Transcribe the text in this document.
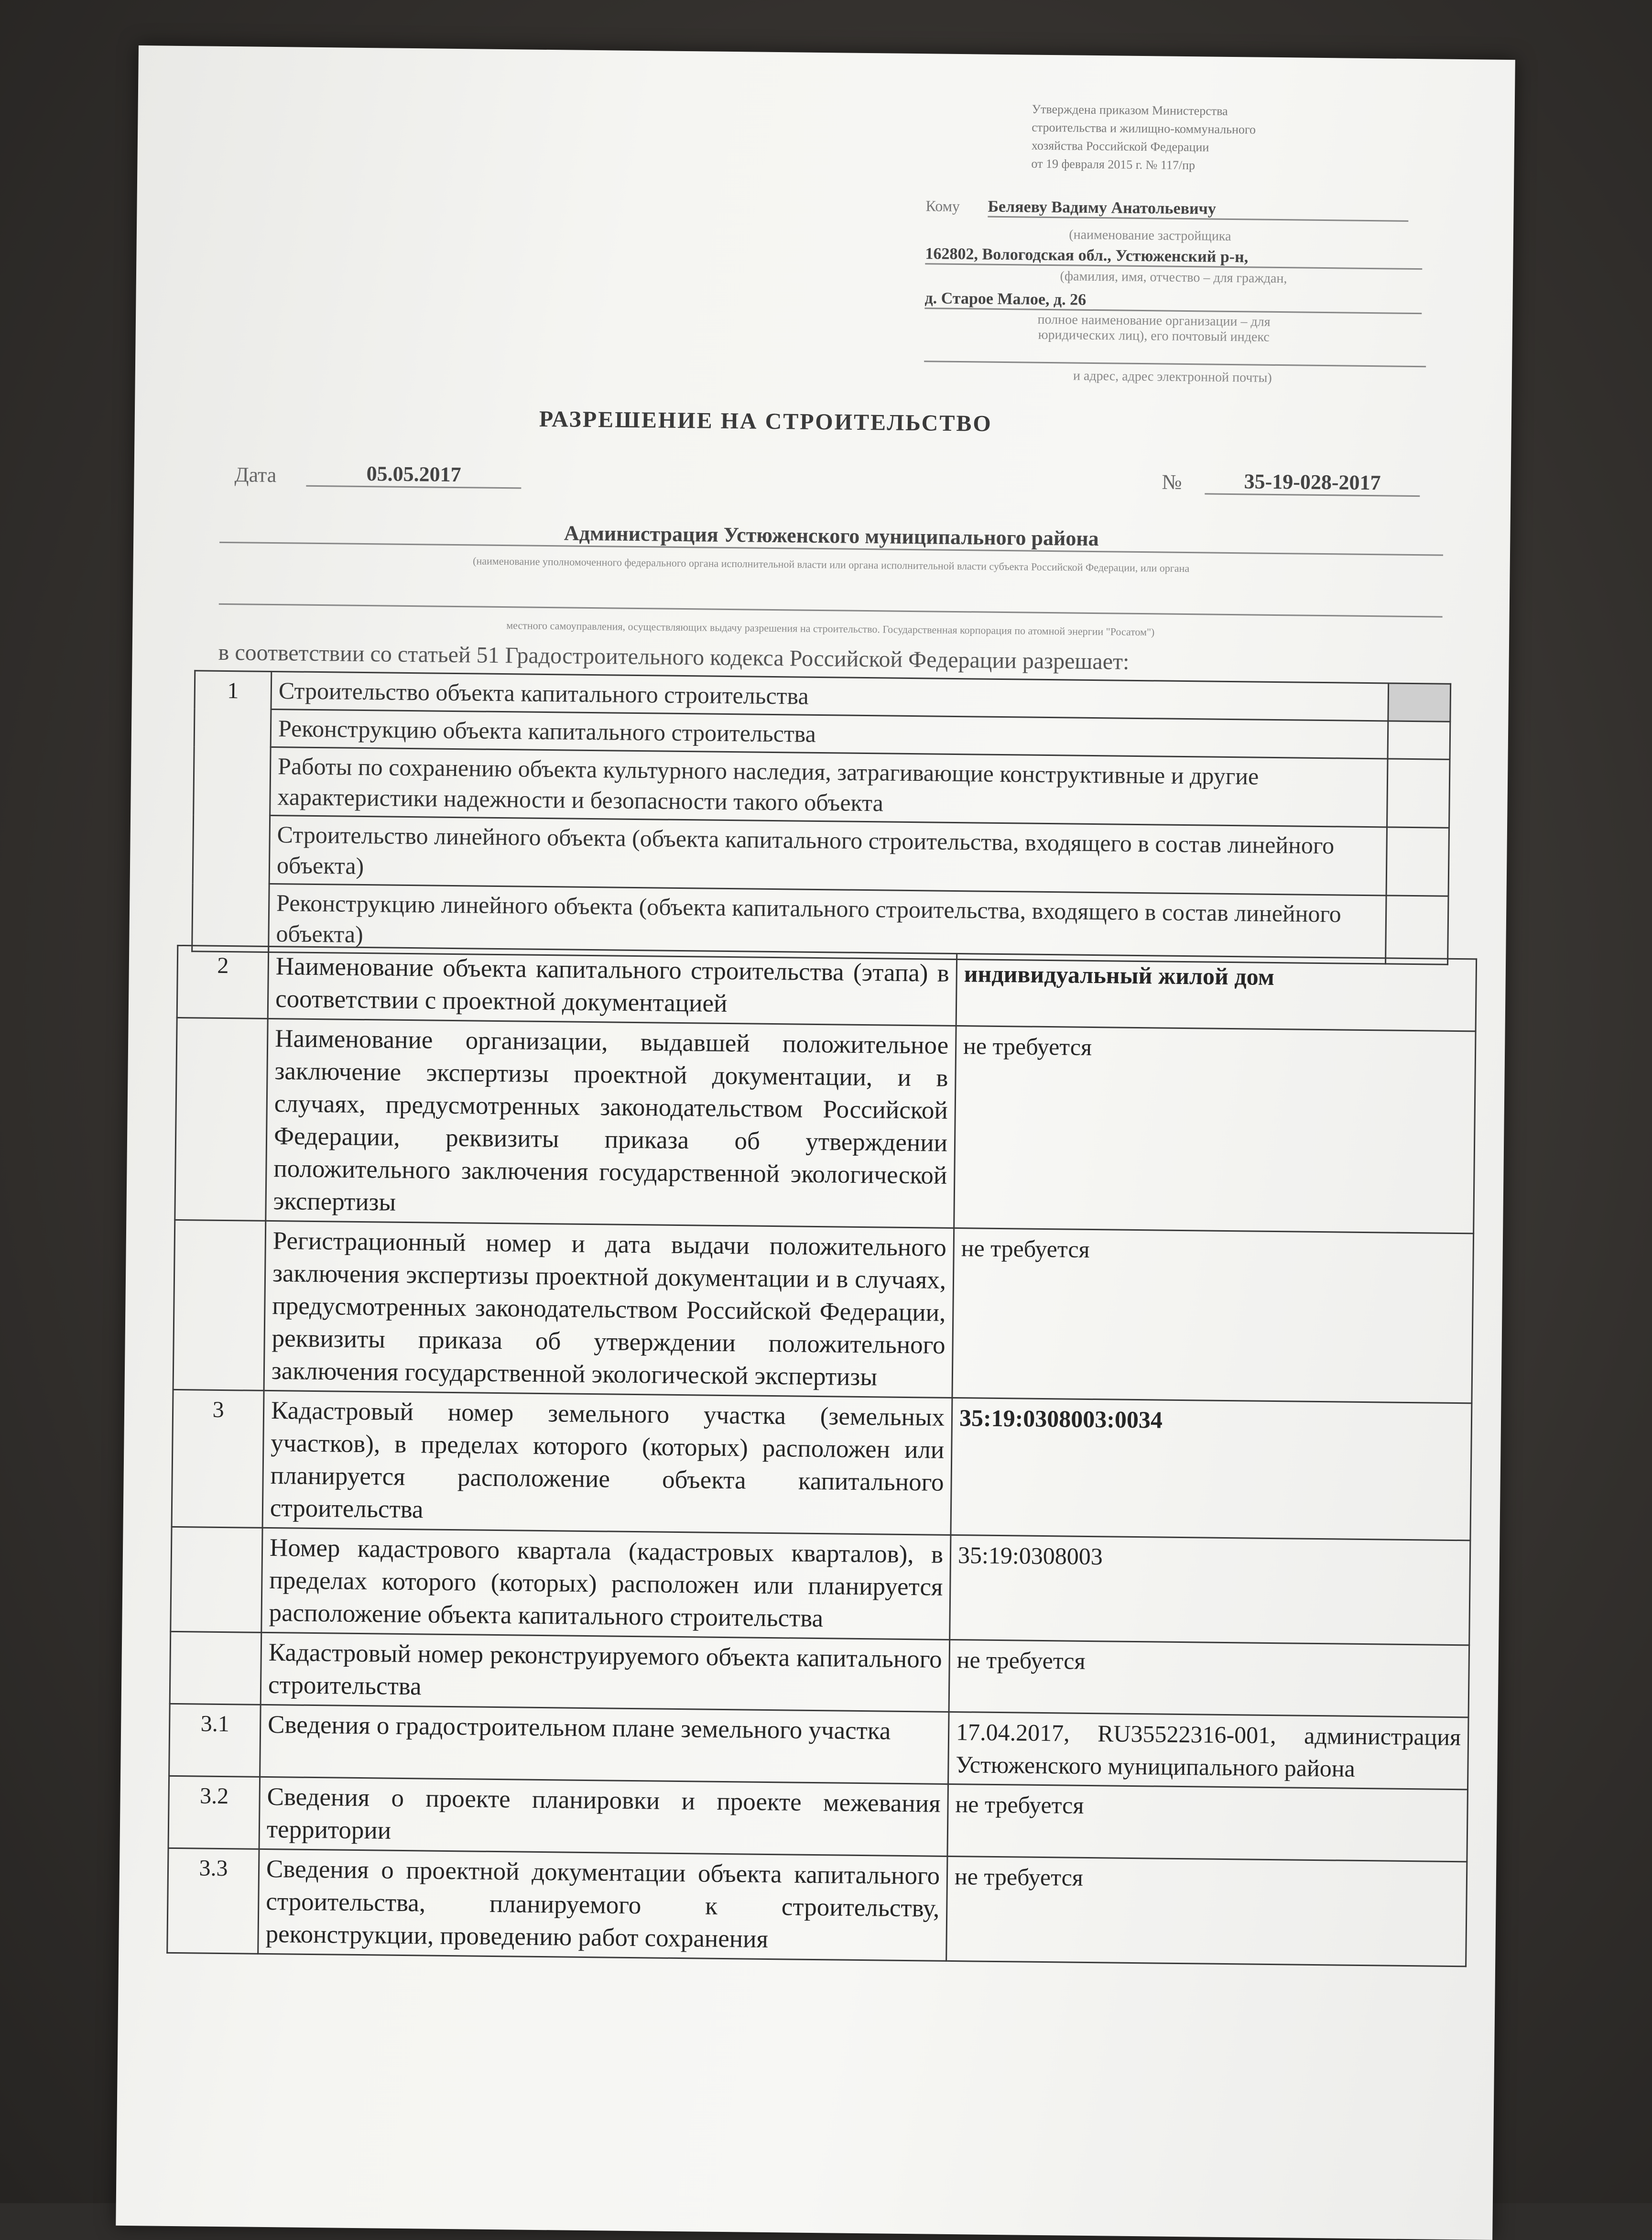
Утверждена приказом Министерства
строительства и жилищно-коммунального
хозяйства Российской Федерации
от 19 февраля 2015 г. № 117/пр
Кому Беляеву Вадиму Анатольевичу
(наименование застройщика
162802, Вологодская обл., Устюженский р-н,
(фамилия, имя, отчество – для граждан,
д. Старое Малое, д. 26
полное наименование организации – для
юридических лиц), его почтовый индекс
и адрес, адрес электронной почты)
РАЗРЕШЕНИЕ НА СТРОИТЕЛЬСТВО
Дата	05.05.2017	№	35-19-028-2017
Администрация Устюженского муниципального района
(наименование уполномоченного федерального органа исполнительной власти или органа исполнительной власти субъекта Российской Федерации, или органа
местного самоуправления, осуществляющих выдачу разрешения на строительство. Государственная корпорация по атомной энергии "Росатом")
в соответствии со статьей 51 Градостроительного кодекса Российской Федерации разрешает:
1	Строительство объекта капитального строительства	
	Реконструкцию объекта капитального строительства	
	Работы по сохранению объекта культурного наследия, затрагивающие конструктивные и другие характеристики надежности и безопасности такого объекта	
	Строительство линейного объекта (объекта капитального строительства, входящего в состав линейного объекта)	
	Реконструкцию линейного объекта (объекта капитального строительства, входящего в состав линейного объекта)	
2	Наименование объекта капитального строительства (этапа) в соответствии с проектной документацией	индивидуальный жилой дом
	Наименование организации, выдавшей положительное заключение экспертизы проектной документации, и в случаях, предусмотренных законодательством Российской Федерации, реквизиты приказа об утверждении положительного заключения государственной экологической экспертизы	не требуется
	Регистрационный номер и дата выдачи положительного заключения экспертизы проектной документации и в случаях, предусмотренных законодательством Российской Федерации, реквизиты приказа об утверждении положительного заключения государственной экологической экспертизы	не требуется
3	Кадастровый номер земельного участка (земельных участков), в пределах которого (которых) расположен или планируется расположение объекта капитального строительства	35:19:0308003:0034
	Номер кадастрового квартала (кадастровых кварталов), в пределах которого (которых) расположен или планируется расположение объекта капитального строительства	35:19:0308003
	Кадастровый номер реконструируемого объекта капитального строительства	не требуется
3.1	Сведения о градостроительном плане земельного участка	17.04.2017, RU35522316-001, администрация Устюженского муниципального района
3.2	Сведения о проекте планировки и проекте межевания территории	не требуется
3.3	Сведения о проектной документации объекта капитального строительства, планируемого к строительству, реконструкции, проведению работ сохранения	не требуется
